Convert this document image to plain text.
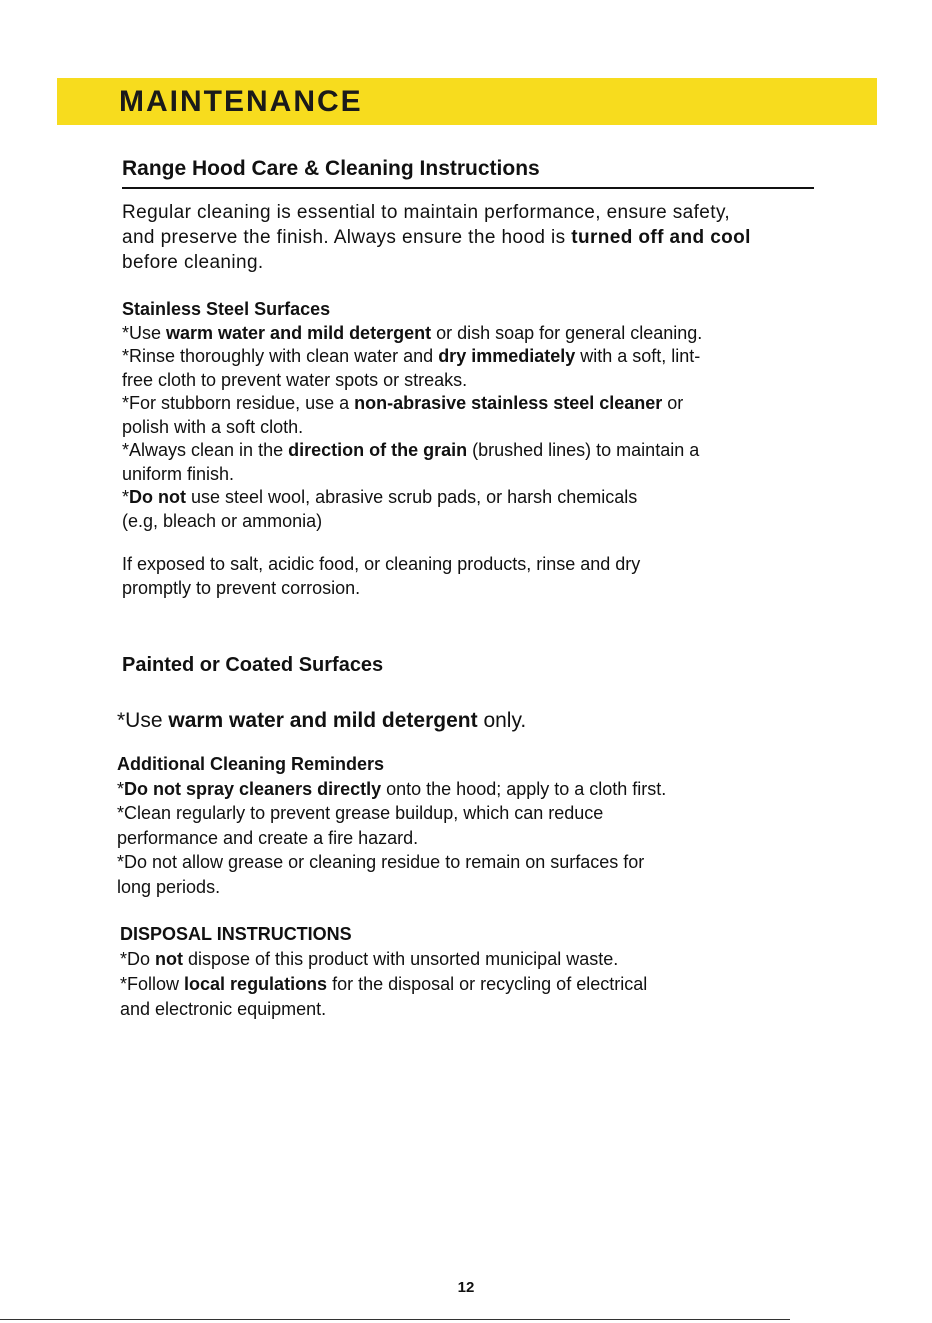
MAINTENANCE
Range Hood Care & Cleaning Instructions
Regular cleaning is essential to maintain performance, ensure safety,
and preserve the finish. Always ensure the hood is turned off and cool
before cleaning.
Stainless Steel Surfaces
*Use warm water and mild detergent or dish soap for general cleaning.
*Rinse thoroughly with clean water and dry immediately with a soft, lint-
free cloth to prevent water spots or streaks.
*For stubborn residue, use a non-abrasive stainless steel cleaner or
polish with a soft cloth.
*Always clean in the direction of the grain (brushed lines) to maintain a
uniform finish.
*Do not use steel wool, abrasive scrub pads, or harsh chemicals
(e.g, bleach or ammonia)
If exposed to salt, acidic food, or cleaning products, rinse and dry
promptly to prevent corrosion.
Painted or Coated Surfaces
*Use warm water and mild detergent only.
Additional Cleaning Reminders
*Do not spray cleaners directly onto the hood; apply to a cloth first.
*Clean regularly to prevent grease buildup, which can reduce
performance and create a fire hazard.
*Do not allow grease or cleaning residue to remain on surfaces for
long periods.
DISPOSAL INSTRUCTIONS
*Do not dispose of this product with unsorted municipal waste.
*Follow local regulations for the disposal or recycling of electrical
and electronic equipment.
12
